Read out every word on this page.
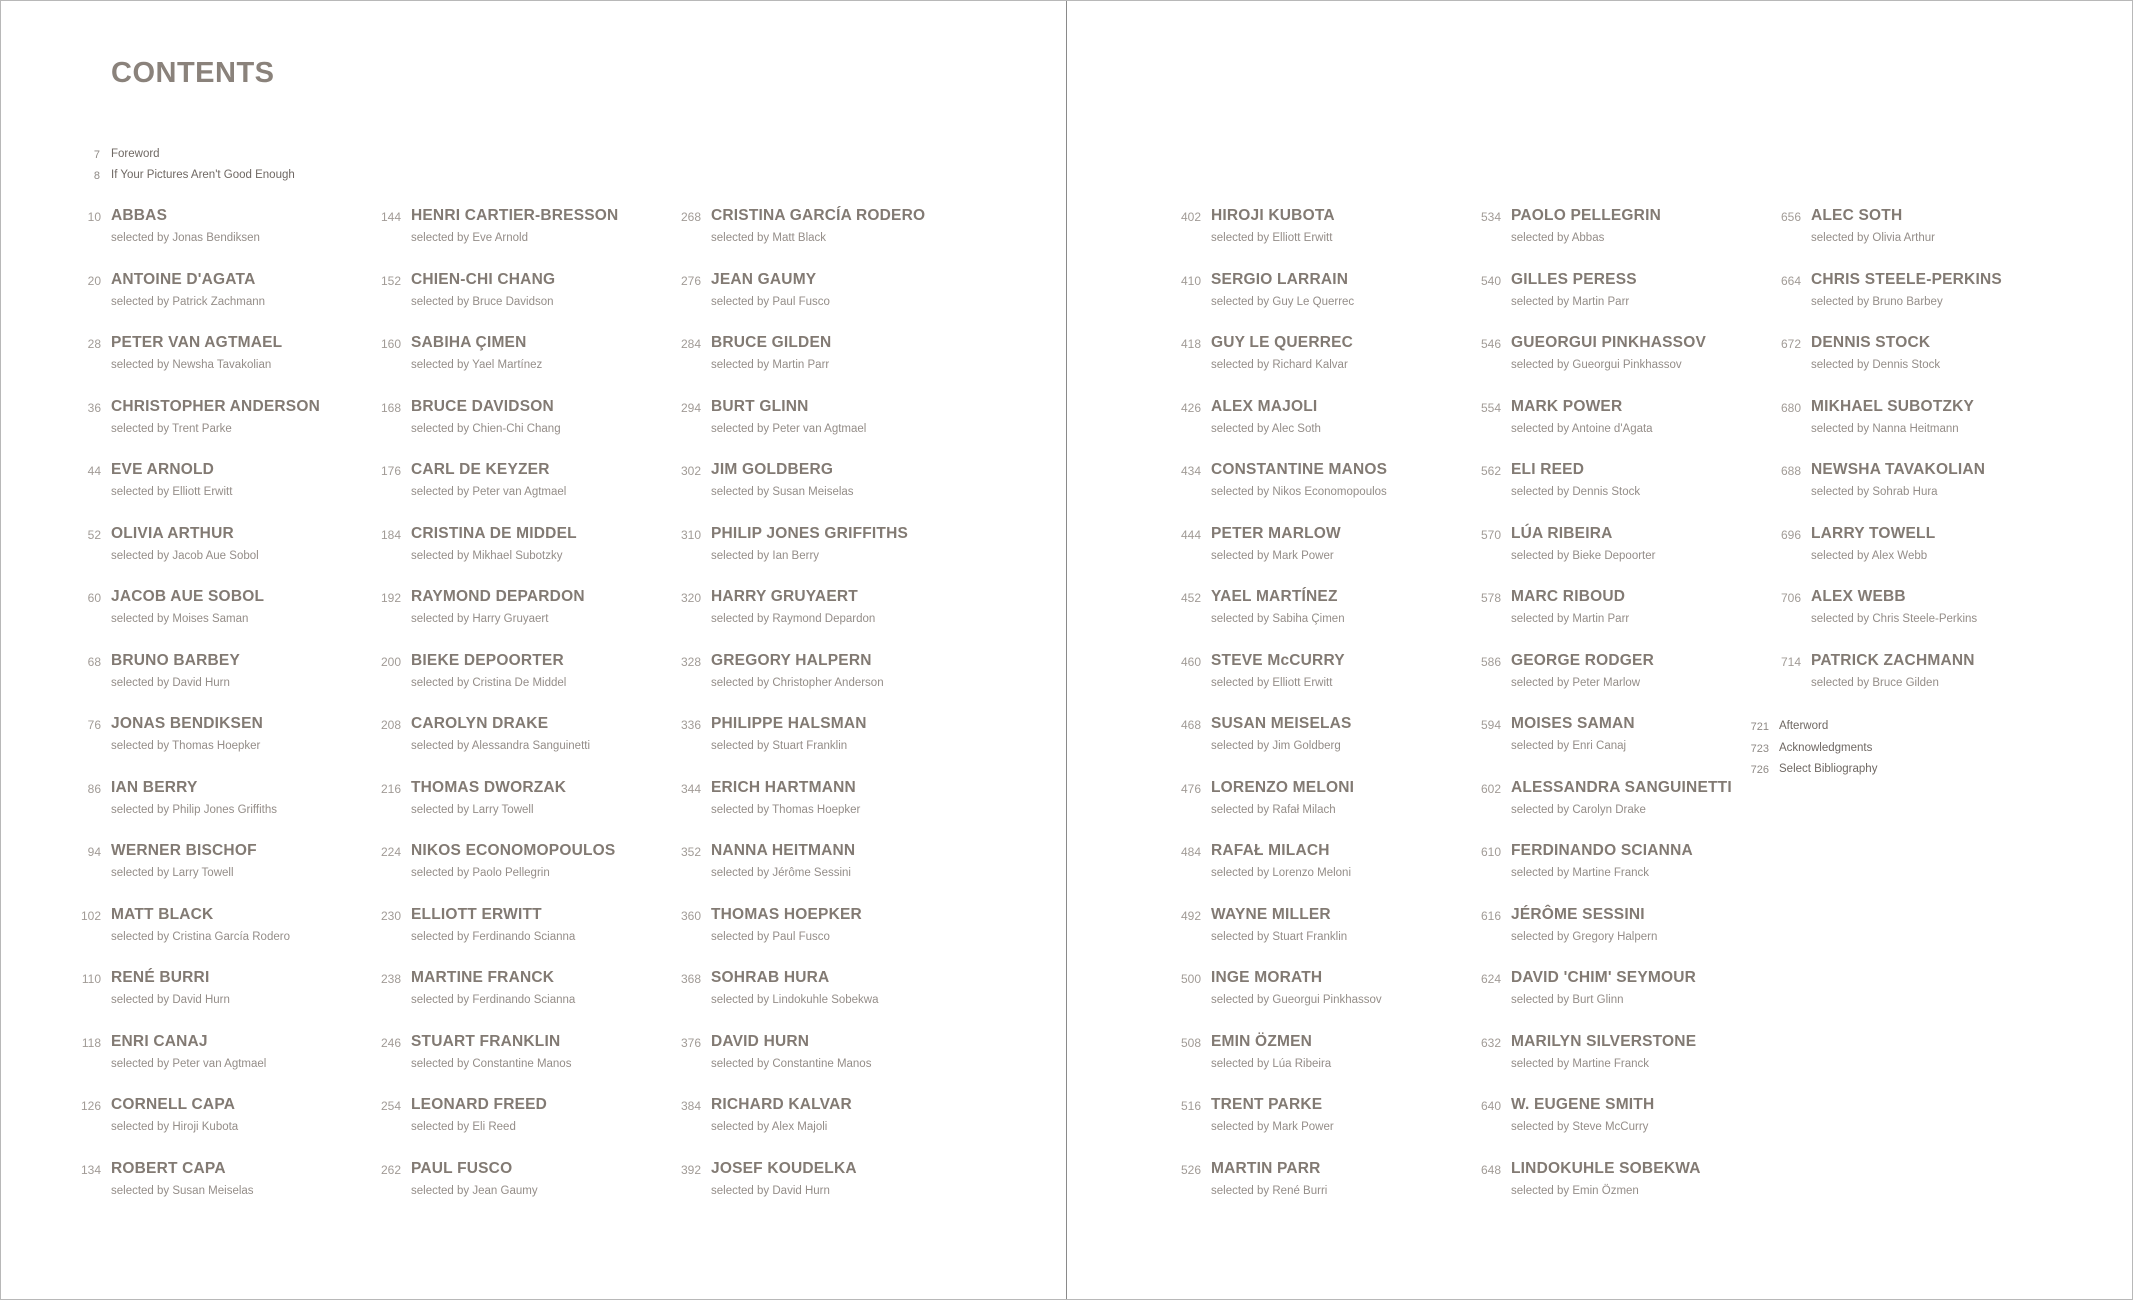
CONTENTS
7 Foreword
8 If Your Pictures Aren't Good Enough
10 ABBAS
selected by Jonas Bendiksen
20 ANTOINE D'AGATA
selected by Patrick Zachmann
28 PETER VAN AGTMAEL
selected by Newsha Tavakolian
36 CHRISTOPHER ANDERSON
selected by Trent Parke
44 EVE ARNOLD
selected by Elliott Erwitt
52 OLIVIA ARTHUR
selected by Jacob Aue Sobol
60 JACOB AUE SOBOL
selected by Moises Saman
68 BRUNO BARBEY
selected by David Hurn
76 JONAS BENDIKSEN
selected by Thomas Hoepker
86 IAN BERRY
selected by Philip Jones Griffiths
94 WERNER BISCHOF
selected by Larry Towell
102 MATT BLACK
selected by Cristina García Rodero
110 RENÉ BURRI
selected by David Hurn
118 ENRI CANAJ
selected by Peter van Agtmael
126 CORNELL CAPA
selected by Hiroji Kubota
134 ROBERT CAPA
selected by Susan Meiselas
144 HENRI CARTIER-BRESSON
selected by Eve Arnold
152 CHIEN-CHI CHANG
selected by Bruce Davidson
160 SABIHA ÇIMEN
selected by Yael Martínez
168 BRUCE DAVIDSON
selected by Chien-Chi Chang
176 CARL DE KEYZER
selected by Peter van Agtmael
184 CRISTINA DE MIDDEL
selected by Mikhael Subotzky
192 RAYMOND DEPARDON
selected by Harry Gruyaert
200 BIEKE DEPOORTER
selected by Cristina De Middel
208 CAROLYN DRAKE
selected by Alessandra Sanguinetti
216 THOMAS DWORZAK
selected by Larry Towell
224 NIKOS ECONOMOPOULOS
selected by Paolo Pellegrin
230 ELLIOTT ERWITT
selected by Ferdinando Scianna
238 MARTINE FRANCK
selected by Ferdinando Scianna
246 STUART FRANKLIN
selected by Constantine Manos
254 LEONARD FREED
selected by Eli Reed
262 PAUL FUSCO
selected by Jean Gaumy
268 CRISTINA GARCÍA RODERO
selected by Matt Black
276 JEAN GAUMY
selected by Paul Fusco
284 BRUCE GILDEN
selected by Martin Parr
294 BURT GLINN
selected by Peter van Agtmael
302 JIM GOLDBERG
selected by Susan Meiselas
310 PHILIP JONES GRIFFITHS
selected by Ian Berry
320 HARRY GRUYAERT
selected by Raymond Depardon
328 GREGORY HALPERN
selected by Christopher Anderson
336 PHILIPPE HALSMAN
selected by Stuart Franklin
344 ERICH HARTMANN
selected by Thomas Hoepker
352 NANNA HEITMANN
selected by Jérôme Sessini
360 THOMAS HOEPKER
selected by Paul Fusco
368 SOHRAB HURA
selected by Lindokuhle Sobekwa
376 DAVID HURN
selected by Constantine Manos
384 RICHARD KALVAR
selected by Alex Majoli
392 JOSEF KOUDELKA
selected by David Hurn
402 HIROJI KUBOTA
selected by Elliott Erwitt
410 SERGIO LARRAIN
selected by Guy Le Querrec
418 GUY LE QUERREC
selected by Richard Kalvar
426 ALEX MAJOLI
selected by Alec Soth
434 CONSTANTINE MANOS
selected by Nikos Economopoulos
444 PETER MARLOW
selected by Mark Power
452 YAEL MARTÍNEZ
selected by Sabiha Çimen
460 STEVE McCURRY
selected by Elliott Erwitt
468 SUSAN MEISELAS
selected by Jim Goldberg
476 LORENZO MELONI
selected by Rafał Milach
484 RAFAŁ MILACH
selected by Lorenzo Meloni
492 WAYNE MILLER
selected by Stuart Franklin
500 INGE MORATH
selected by Gueorgui Pinkhassov
508 EMIN ÖZMEN
selected by Lúa Ribeira
516 TRENT PARKE
selected by Mark Power
526 MARTIN PARR
selected by René Burri
534 PAOLO PELLEGRIN
selected by Abbas
540 GILLES PERESS
selected by Martin Parr
546 GUEORGUI PINKHASSOV
selected by Gueorgui Pinkhassov
554 MARK POWER
selected by Antoine d'Agata
562 ELI REED
selected by Dennis Stock
570 LÚA RIBEIRA
selected by Bieke Depoorter
578 MARC RIBOUD
selected by Martin Parr
586 GEORGE RODGER
selected by Peter Marlow
594 MOISES SAMAN
selected by Enri Canaj
602 ALESSANDRA SANGUINETTI
selected by Carolyn Drake
610 FERDINANDO SCIANNA
selected by Martine Franck
616 JÉRÔME SESSINI
selected by Gregory Halpern
624 DAVID 'CHIM' SEYMOUR
selected by Burt Glinn
632 MARILYN SILVERSTONE
selected by Martine Franck
640 W. EUGENE SMITH
selected by Steve McCurry
648 LINDOKUHLE SOBEKWA
selected by Emin Özmen
656 ALEC SOTH
selected by Olivia Arthur
664 CHRIS STEELE-PERKINS
selected by Bruno Barbey
672 DENNIS STOCK
selected by Dennis Stock
680 MIKHAEL SUBOTZKY
selected by Nanna Heitmann
688 NEWSHA TAVAKOLIAN
selected by Sohrab Hura
696 LARRY TOWELL
selected by Alex Webb
706 ALEX WEBB
selected by Chris Steele-Perkins
714 PATRICK ZACHMANN
selected by Bruce Gilden
721 Afterword
723 Acknowledgments
726 Select Bibliography
